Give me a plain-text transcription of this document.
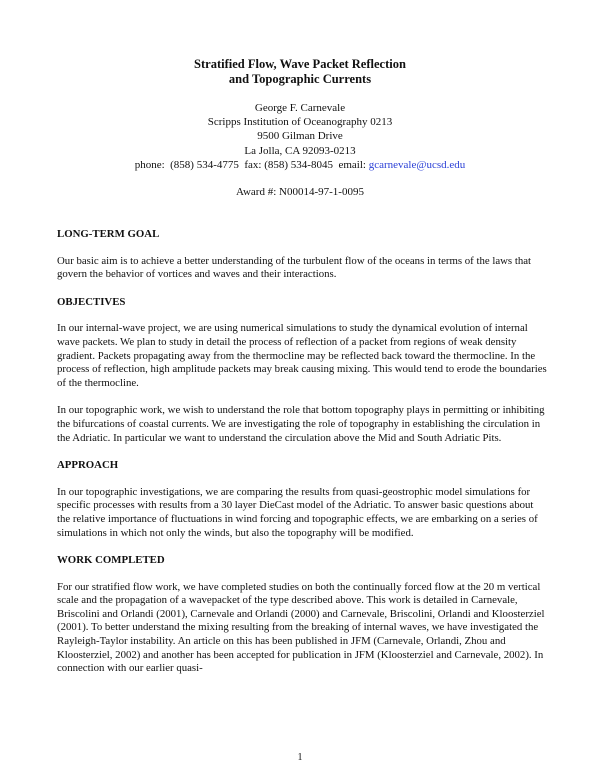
Stratified Flow, Wave Packet Reflection
and Topographic Currents
George F. Carnevale
Scripps Institution of Oceanography 0213
9500 Gilman Drive
La Jolla, CA 92093-0213
phone:  (858) 534-4775  fax: (858) 534-8045  email: gcarnevale@ucsd.edu
Award #: N00014-97-1-0095
LONG-TERM GOAL

Our basic aim is to achieve a better understanding of the turbulent flow of the oceans in terms of the laws that govern the behavior of vortices and waves and their interactions.

OBJECTIVES

In our internal-wave project, we are using numerical simulations to study the dynamical evolution of internal wave packets. We plan to study in detail the process of reflection of a packet from regions of weak density gradient. Packets propagating away from the thermocline may be reflected back toward the thermocline. In the process of reflection, high amplitude packets may break causing mixing. This would tend to erode the boundaries of the thermocline.

In our topographic work, we wish to understand the role that bottom topography plays in permitting or inhibiting the bifurcations of coastal currents. We are investigating the role of topography in establishing the circulation in the Adriatic. In particular we want to understand the circulation above the Mid and South Adriatic Pits.

APPROACH

In our topographic investigations, we are comparing the results from quasi-geostrophic model simulations for specific processes with results from a 30 layer DieCast model of the Adriatic. To answer basic questions about the relative importance of fluctuations in wind forcing and topographic effects, we are embarking on a series of simulations in which not only the winds, but also the topography will be modified.

WORK COMPLETED

For our stratified flow work, we have completed studies on both the continually forced flow at the 20 m vertical scale and the propagation of a wavepacket of the type described above. This work is detailed in Carnevale, Briscolini and Orlandi (2001), Carnevale and Orlandi (2000) and Carnevale, Briscolini, Orlandi and Kloosterziel (2001). To better understand the mixing resulting from the breaking of internal waves, we have investigated the Rayleigh-Taylor instability. An article on this has been published in JFM (Carnevale, Orlandi, Zhou and Kloosterziel, 2002) and another has been accepted for publication in JFM (Kloosterziel and Carnevale, 2002). In connection with our earlier quasi-

1
